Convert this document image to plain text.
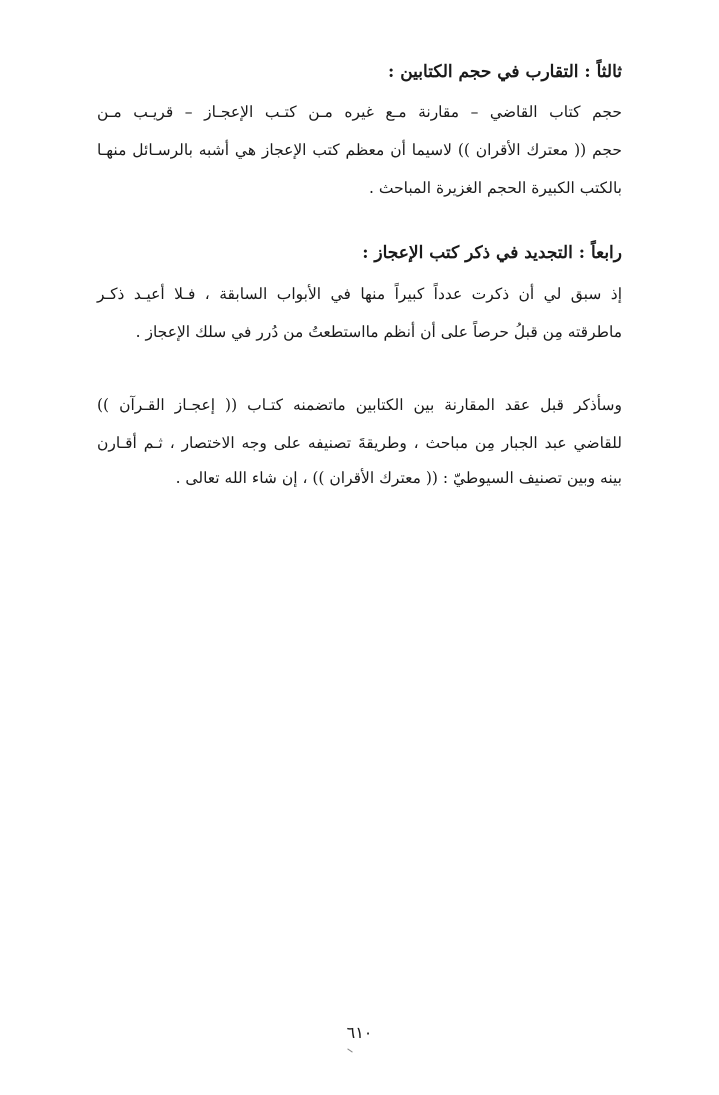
ثالثاً : التقارب في حجم الكتابين :

حجم كتاب القاضي – مقارنة مـع غيره مـن كتـب الإعجـاز – قريـب مـن

حجم (( معترك الأقران )) لاسيما أن معظم كتب الإعجاز هي أشبه بالرسـائل منهـا

بالكتب الكبيرة الحجم الغزيرة المباحث .

رابعاً : التجديد في ذكر كتب الإعجاز :

إذ سبق لي أن ذكرت عدداً كبيراً منها في الأبواب السابقة ، فـلا أعيـد ذكـر

ماطرقته مِن قبلُ حرصاً على أن أنظم مااستطعتُ من دُرر في سلك الإعجاز .

وسأذكر قبل عقد المقارنة بين الكتابين ماتضمنه كتـاب (( إعجـاز القـرآن ))

للقاضي عبد الجبار مِن مباحث ، وطريقةَ تصنيفه على وجه الاختصار ، ثـم أقـارن

بينه وبين تصنيف السيوطيّ : (( معترك الأقران )) ، إن شاء الله تعالى .

٦١٠
